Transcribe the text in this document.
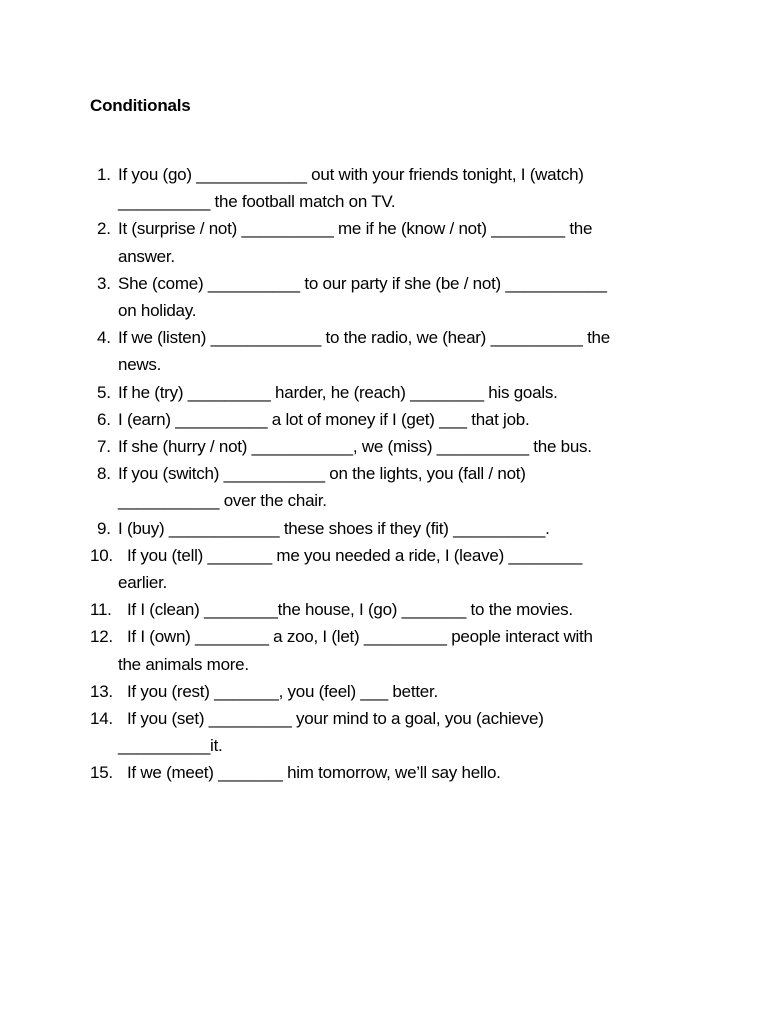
Conditionals
1. If you (go) ____________ out with your friends tonight, I (watch)
__________ the football match on TV.
2. It (surprise / not) __________ me if he (know / not) ________ the
answer.
3. She (come) __________ to our party if she (be / not) ___________
on holiday.
4. If we (listen) ____________ to the radio, we (hear) __________ the
news.
5. If he (try) _________ harder, he (reach) ________ his goals.
6. I (earn) __________ a lot of money if I (get) ___ that job.
7. If she (hurry / not) ___________, we (miss) __________ the bus.
8. If you (switch) ___________ on the lights, you (fall / not)
___________ over the chair.
9. I (buy) ____________ these shoes if they (fit) __________.
10. If you (tell) _______ me you needed a ride, I (leave) ________
earlier.
11. If I (clean) ________the house, I (go) _______ to the movies.
12. If I (own) ________ a zoo, I (let) _________ people interact with
the animals more.
13. If you (rest) _______, you (feel) ___ better.
14. If you (set) _________ your mind to a goal, you (achieve)
__________it.
15. If we (meet) _______ him tomorrow, we’ll say hello.
